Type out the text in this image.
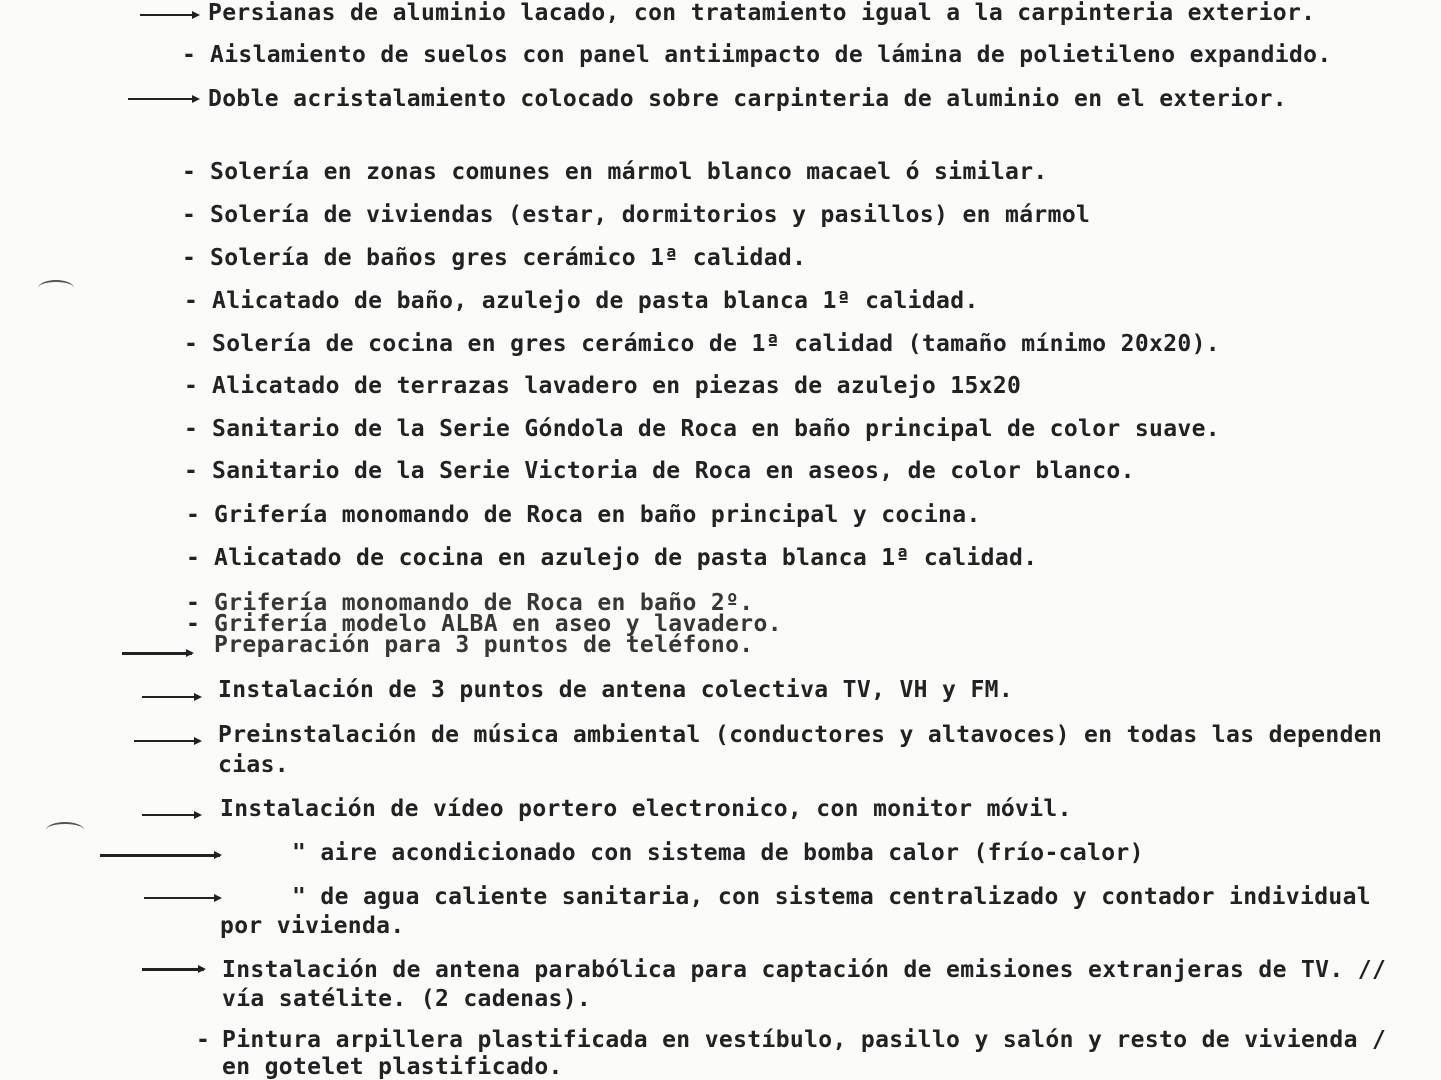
Persianas de aluminio lacado, con tratamiento igual a la carpinteria exterior.
- Aislamiento de suelos con panel antiimpacto de lámina de polietileno expandido.
Doble acristalamiento colocado sobre carpinteria de aluminio en el exterior.
- Solería en zonas comunes en mármol blanco macael ó similar.
- Solería de viviendas (estar, dormitorios y pasillos) en mármol
- Solería de baños gres cerámico 1ª calidad.
- Alicatado de baño, azulejo de pasta blanca 1ª calidad.
- Solería de cocina en gres cerámico de 1ª calidad (tamaño mínimo 20x20).
- Alicatado de terrazas lavadero en piezas de azulejo 15x20
- Sanitario de la Serie Góndola de Roca en baño principal de color suave.
- Sanitario de la Serie Victoria de Roca en aseos, de color blanco.
- Grifería monomando de Roca en baño principal y cocina.
- Alicatado de cocina en azulejo de pasta blanca 1ª calidad.
- Grifería monomando de Roca en baño 2º.
- Grifería modelo ALBA en aseo y lavadero.
Preparación para 3 puntos de teléfono.
Instalación de 3 puntos de antena colectiva TV, VH y FM.
Preinstalación de música ambiental (conductores y altavoces) en todas las dependen
cias.
Instalación de vídeo portero electronico, con monitor móvil.
" aire acondicionado con sistema de bomba calor (frío-calor)
" de agua caliente sanitaria, con sistema centralizado y contador individual
por vivienda.
Instalación de antena parabólica para captación de emisiones extranjeras de TV. //
vía satélite. (2 cadenas).
- Pintura arpillera plastificada en vestíbulo, pasillo y salón y resto de vivienda /
en gotelet plastificado.
